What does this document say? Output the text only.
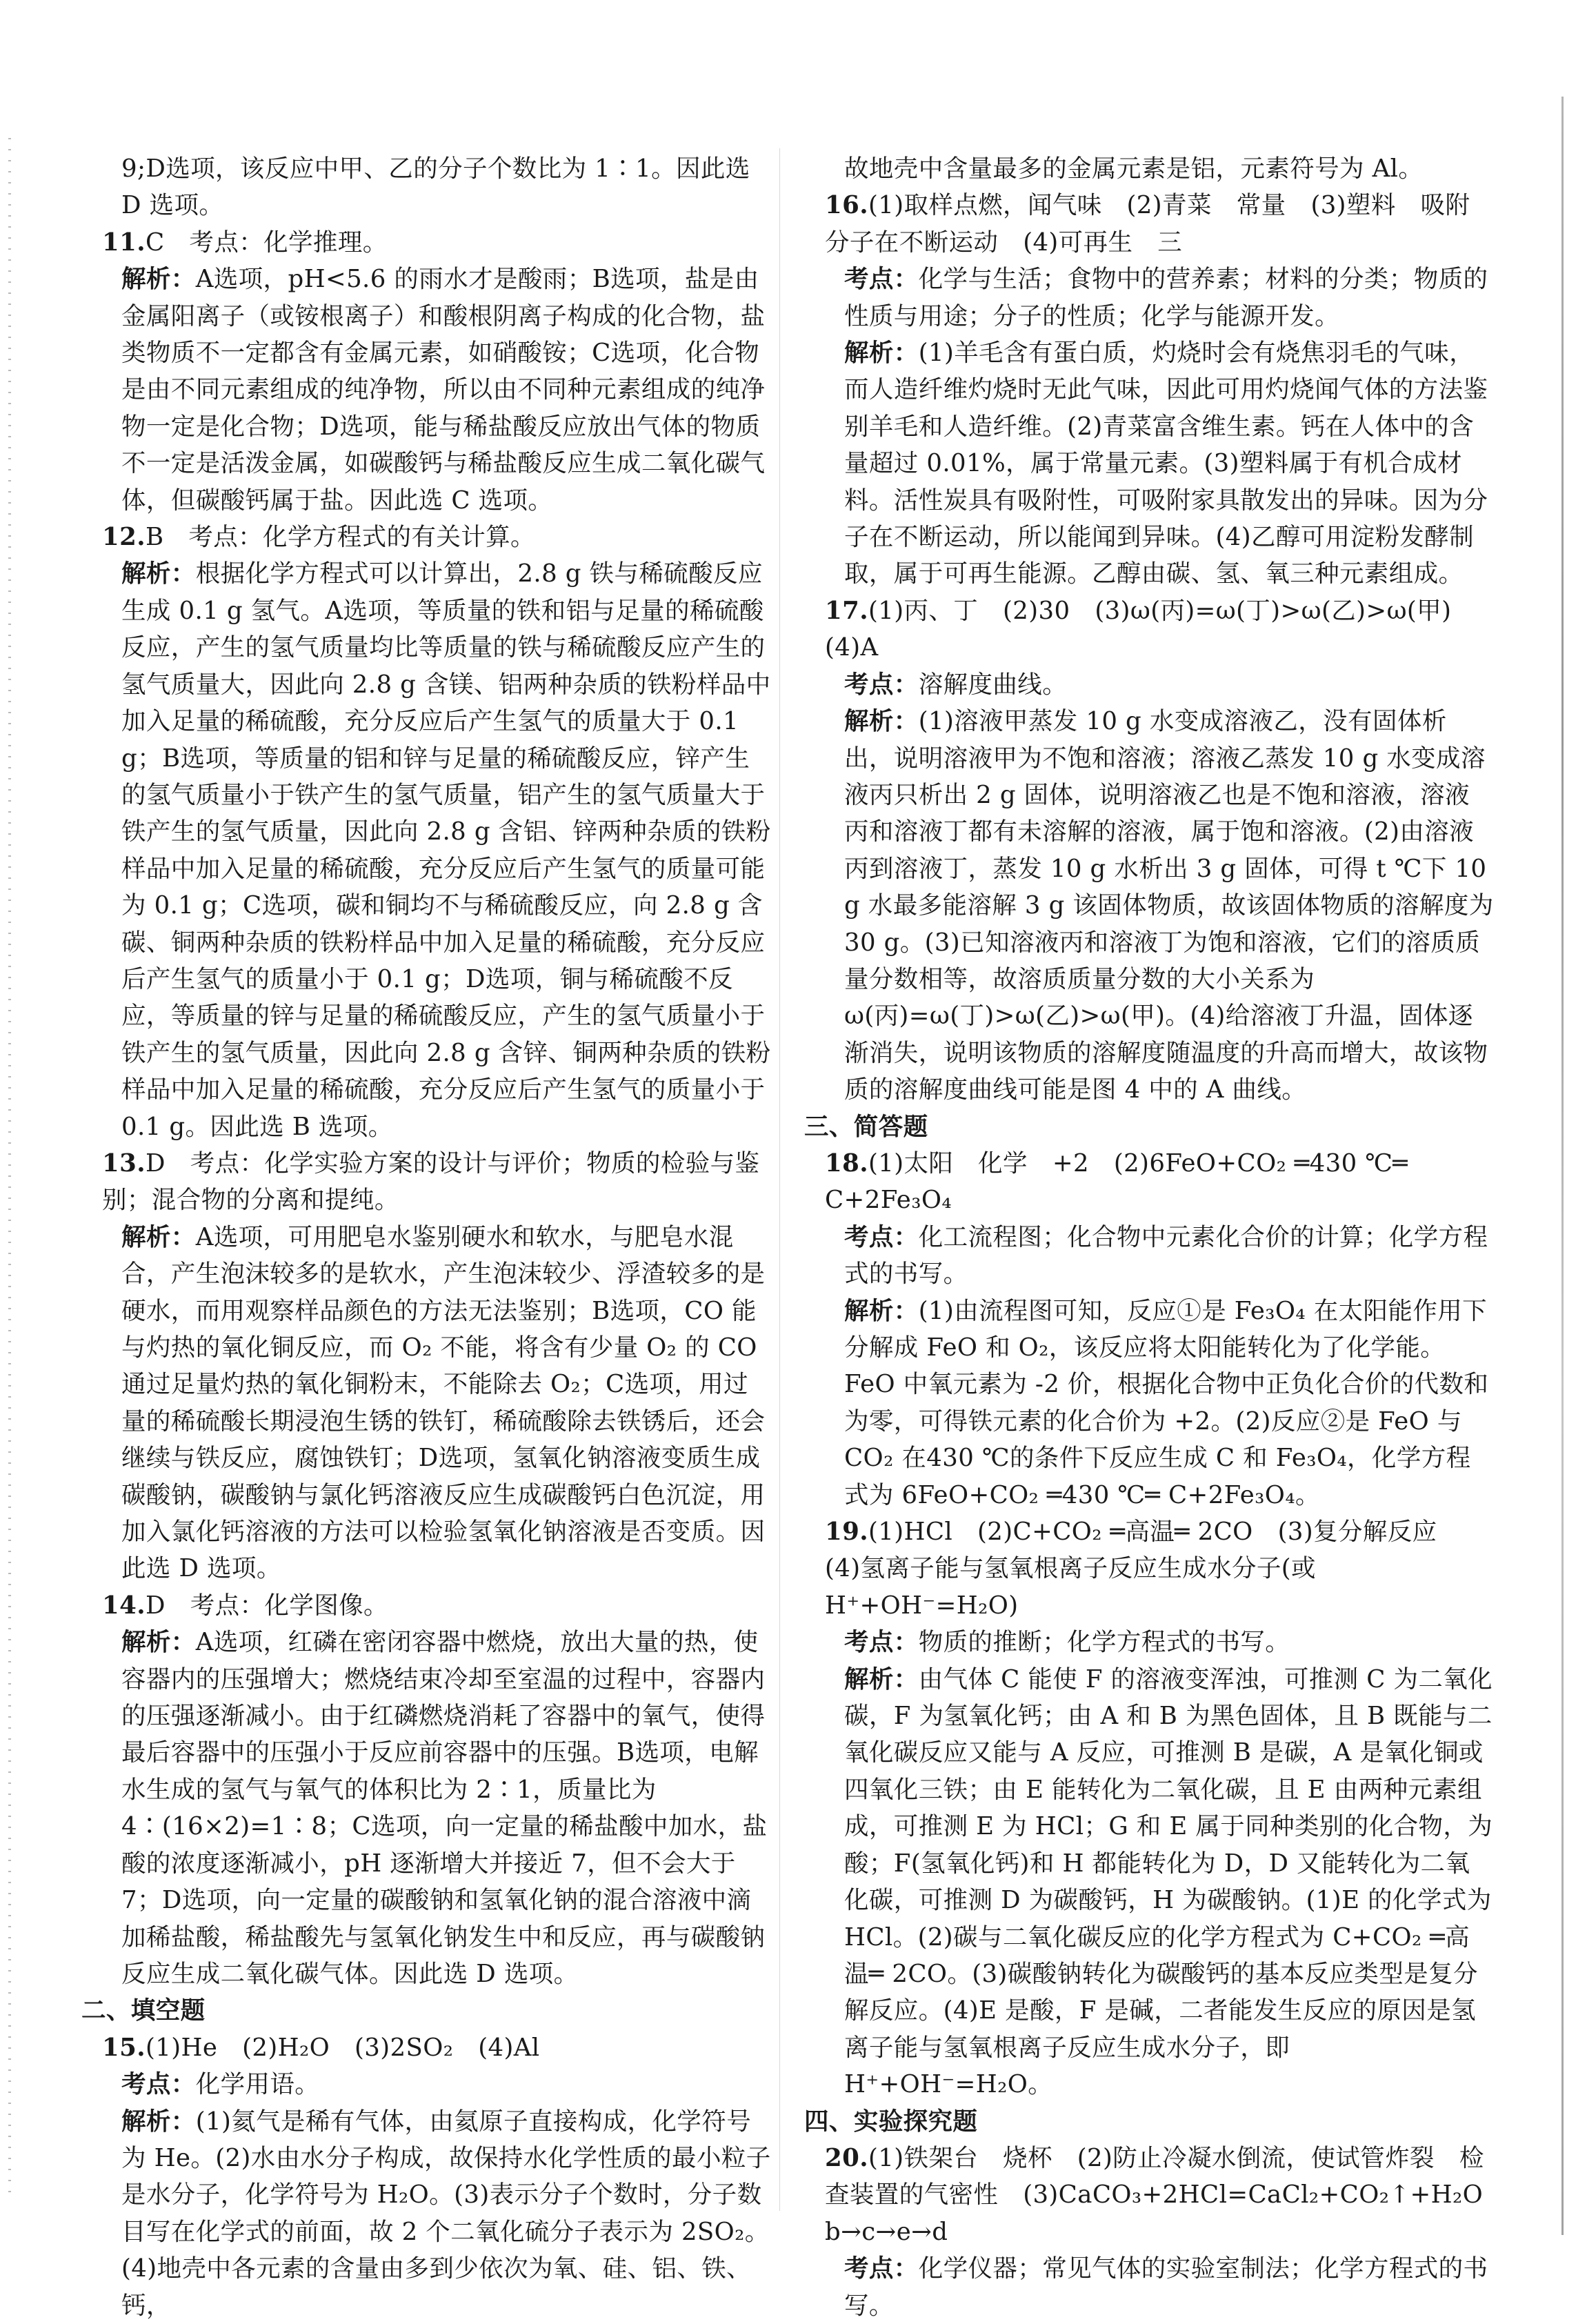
9;D选项，该反应中甲、乙的分子个数比为 1∶1。因此选 D 选项。

11.C　考点：化学推理。

解析：A选项，pH<5.6 的雨水才是酸雨；B选项，盐是由金属阳离子（或铵根离子）和酸根阴离子构成的化合物，盐类物质不一定都含有金属元素，如硝酸铵；C选项，化合物是由不同元素组成的纯净物，所以由不同种元素组成的纯净物一定是化合物；D选项，能与稀盐酸反应放出气体的物质不一定是活泼金属，如碳酸钙与稀盐酸反应生成二氧化碳气体，但碳酸钙属于盐。因此选 C 选项。

12.B　考点：化学方程式的有关计算。

解析：根据化学方程式可以计算出，2.8 g 铁与稀硫酸反应生成 0.1 g 氢气。A选项，等质量的铁和铝与足量的稀硫酸反应，产生的氢气质量均比等质量的铁与稀硫酸反应产生的氢气质量大，因此向 2.8 g 含镁、铝两种杂质的铁粉样品中加入足量的稀硫酸，充分反应后产生氢气的质量大于 0.1 g；B选项，等质量的铝和锌与足量的稀硫酸反应，锌产生的氢气质量小于铁产生的氢气质量，铝产生的氢气质量大于铁产生的氢气质量，因此向 2.8 g 含铝、锌两种杂质的铁粉样品中加入足量的稀硫酸，充分反应后产生氢气的质量可能为 0.1 g；C选项，碳和铜均不与稀硫酸反应，向 2.8 g 含碳、铜两种杂质的铁粉样品中加入足量的稀硫酸，充分反应后产生氢气的质量小于 0.1 g；D选项，铜与稀硫酸不反应，等质量的锌与足量的稀硫酸反应，产生的氢气质量小于铁产生的氢气质量，因此向 2.8 g 含锌、铜两种杂质的铁粉样品中加入足量的稀硫酸，充分反应后产生氢气的质量小于 0.1 g。因此选 B 选项。

13.D　考点：化学实验方案的设计与评价；物质的检验与鉴别；混合物的分离和提纯。

解析：A选项，可用肥皂水鉴别硬水和软水，与肥皂水混合，产生泡沫较多的是软水，产生泡沫较少、浮渣较多的是硬水，而用观察样品颜色的方法无法鉴别；B选项，CO 能与灼热的氧化铜反应，而 O₂ 不能，将含有少量 O₂ 的 CO 通过足量灼热的氧化铜粉末，不能除去 O₂；C选项，用过量的稀硫酸长期浸泡生锈的铁钉，稀硫酸除去铁锈后，还会继续与铁反应，腐蚀铁钉；D选项，氢氧化钠溶液变质生成碳酸钠，碳酸钠与氯化钙溶液反应生成碳酸钙白色沉淀，用加入氯化钙溶液的方法可以检验氢氧化钠溶液是否变质。因此选 D 选项。

14.D　考点：化学图像。

解析：A选项，红磷在密闭容器中燃烧，放出大量的热，使容器内的压强增大；燃烧结束冷却至室温的过程中，容器内的压强逐渐减小。由于红磷燃烧消耗了容器中的氧气，使得最后容器中的压强小于反应前容器中的压强。B选项，电解水生成的氢气与氧气的体积比为 2∶1，质量比为 4∶(16×2)=1∶8；C选项，向一定量的稀盐酸中加水，盐酸的浓度逐渐减小，pH 逐渐增大并接近 7，但不会大于 7；D选项，向一定量的碳酸钠和氢氧化钠的混合溶液中滴加稀盐酸，稀盐酸先与氢氧化钠发生中和反应，再与碳酸钠反应生成二氧化碳气体。因此选 D 选项。

二、填空题

15.(1)He　(2)H₂O　(3)2SO₂　(4)Al

考点：化学用语。

解析：(1)氦气是稀有气体，由氦原子直接构成，化学符号为 He。(2)水由水分子构成，故保持水化学性质的最小粒子是水分子，化学符号为 H₂O。(3)表示分子个数时，分子数目写在化学式的前面，故 2 个二氧化硫分子表示为 2SO₂。(4)地壳中各元素的含量由多到少依次为氧、硅、铝、铁、钙，

故地壳中含量最多的金属元素是铝，元素符号为 Al。

16.(1)取样点燃，闻气味　(2)青菜　常量　(3)塑料　吸附　分子在不断运动　(4)可再生　三

考点：化学与生活；食物中的营养素；材料的分类；物质的性质与用途；分子的性质；化学与能源开发。

解析：(1)羊毛含有蛋白质，灼烧时会有烧焦羽毛的气味，而人造纤维灼烧时无此气味，因此可用灼烧闻气体的方法鉴别羊毛和人造纤维。(2)青菜富含维生素。钙在人体中的含量超过 0.01%，属于常量元素。(3)塑料属于有机合成材料。活性炭具有吸附性，可吸附家具散发出的异味。因为分子在不断运动，所以能闻到异味。(4)乙醇可用淀粉发酵制取，属于可再生能源。乙醇由碳、氢、氧三种元素组成。

17.(1)丙、丁　(2)30　(3)ω(丙)=ω(丁)>ω(乙)>ω(甲)　(4)A

考点：溶解度曲线。

解析：(1)溶液甲蒸发 10 g 水变成溶液乙，没有固体析出，说明溶液甲为不饱和溶液；溶液乙蒸发 10 g 水变成溶液丙只析出 2 g 固体，说明溶液乙也是不饱和溶液，溶液丙和溶液丁都有未溶解的溶液，属于饱和溶液。(2)由溶液丙到溶液丁，蒸发 10 g 水析出 3 g 固体，可得 t ℃下 10 g 水最多能溶解 3 g 该固体物质，故该固体物质的溶解度为 30 g。(3)已知溶液丙和溶液丁为饱和溶液，它们的溶质质量分数相等，故溶质质量分数的大小关系为 ω(丙)=ω(丁)>ω(乙)>ω(甲)。(4)给溶液丁升温，固体逐渐消失，说明该物质的溶解度随温度的升高而增大，故该物质的溶解度曲线可能是图 4 中的 A 曲线。

三、简答题

18.(1)太阳　化学　+2　(2)6FeO+CO₂ ═430 ℃═ C+2Fe₃O₄

考点：化工流程图；化合物中元素化合价的计算；化学方程式的书写。

解析：(1)由流程图可知，反应①是 Fe₃O₄ 在太阳能作用下分解成 FeO 和 O₂，该反应将太阳能转化为了化学能。FeO 中氧元素为 -2 价，根据化合物中正负化合价的代数和为零，可得铁元素的化合价为 +2。(2)反应②是 FeO 与 CO₂ 在430 ℃的条件下反应生成 C 和 Fe₃O₄，化学方程式为 6FeO+CO₂ ═430 ℃═ C+2Fe₃O₄。

19.(1)HCl　(2)C+CO₂ ═高温═ 2CO　(3)复分解反应　(4)氢离子能与氢氧根离子反应生成水分子(或 H⁺+OH⁻=H₂O)

考点：物质的推断；化学方程式的书写。

解析：由气体 C 能使 F 的溶液变浑浊，可推测 C 为二氧化碳，F 为氢氧化钙；由 A 和 B 为黑色固体，且 B 既能与二氧化碳反应又能与 A 反应，可推测 B 是碳，A 是氧化铜或四氧化三铁；由 E 能转化为二氧化碳，且 E 由两种元素组成，可推测 E 为 HCl；G 和 E 属于同种类别的化合物，为酸；F(氢氧化钙)和 H 都能转化为 D，D 又能转化为二氧化碳，可推测 D 为碳酸钙，H 为碳酸钠。(1)E 的化学式为 HCl。(2)碳与二氧化碳反应的化学方程式为 C+CO₂ ═高温═ 2CO。(3)碳酸钠转化为碳酸钙的基本反应类型是复分解反应。(4)E 是酸，F 是碱，二者能发生反应的原因是氢离子能与氢氧根离子反应生成水分子，即 H⁺+OH⁻=H₂O。

四、实验探究题

20.(1)铁架台　烧杯　(2)防止冷凝水倒流，使试管炸裂　检查装置的气密性　(3)CaCO₃+2HCl=CaCl₂+CO₂↑+H₂O　b→c→e→d

考点：化学仪器；常见气体的实验室制法；化学方程式的书写。
